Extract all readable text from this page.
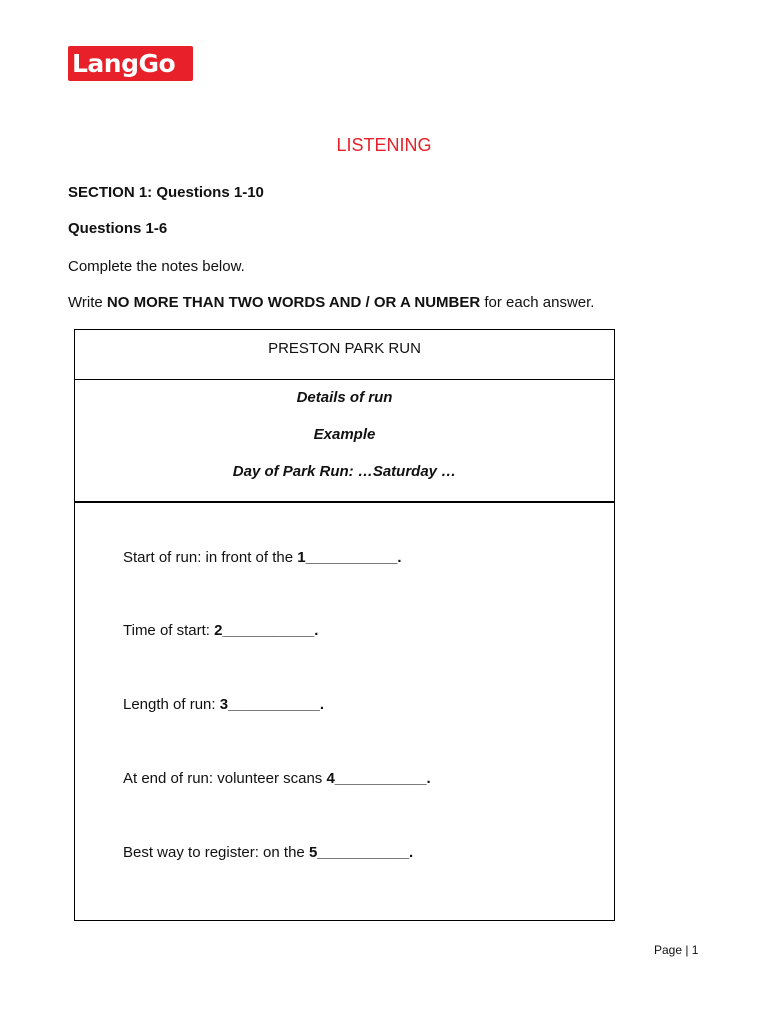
LangGo
LISTENING
SECTION 1: Questions 1-10
Questions 1-6
Complete the notes below.
Write NO MORE THAN TWO WORDS AND / OR A NUMBER for each answer.
PRESTON PARK RUN
Details of run
Example
Day of Park Run: …Saturday …
Start of run: in front of the 1___________.
Time of start: 2___________.
Length of run: 3___________.
At end of run: volunteer scans 4___________.
Best way to register: on the 5___________.
Page | 1
